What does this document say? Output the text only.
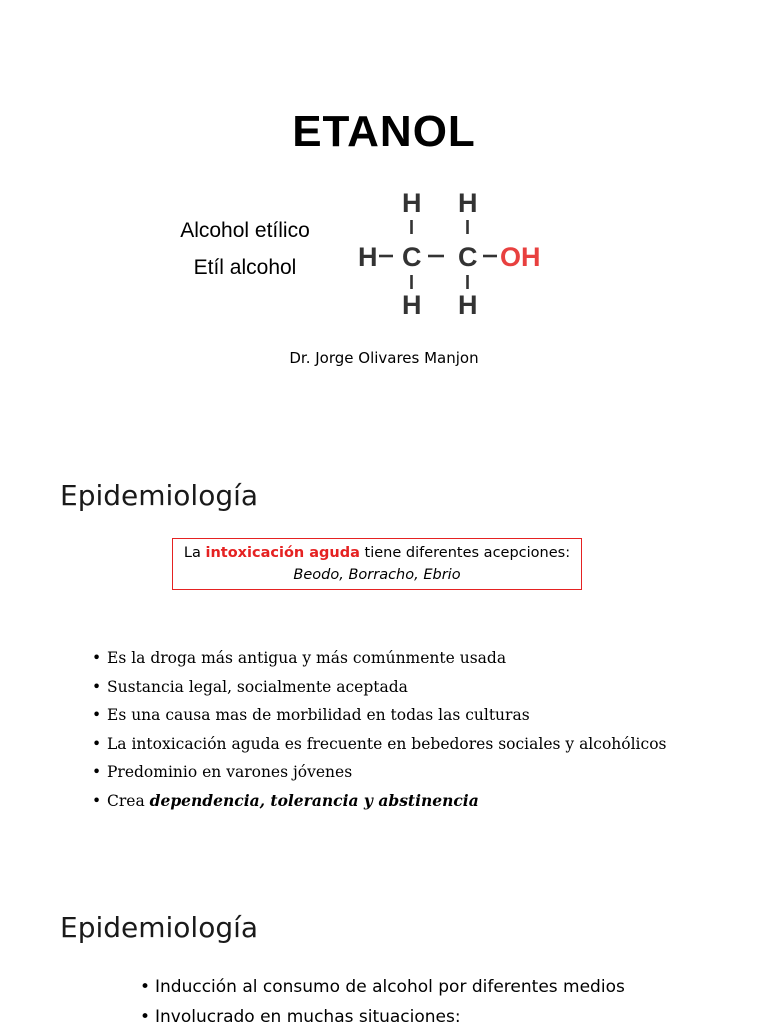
ETANOL
Alcohol etílico
Etíl alcohol
H H
H C C OH
H H
Dr. Jorge Olivares Manjon
Epidemiología
La intoxicación aguda tiene diferentes acepciones:
Beodo, Borracho, Ebrio
• Es la droga más antigua y más comúnmente usada
• Sustancia legal, socialmente aceptada
• Es una causa mas de morbilidad en todas las culturas
• La intoxicación aguda es frecuente en bebedores sociales y alcohólicos
• Predominio en varones jóvenes
• Crea dependencia, tolerancia y abstinencia
Epidemiología
• Inducción al consumo de alcohol por diferentes medios
• Involucrado en muchas situaciones:
